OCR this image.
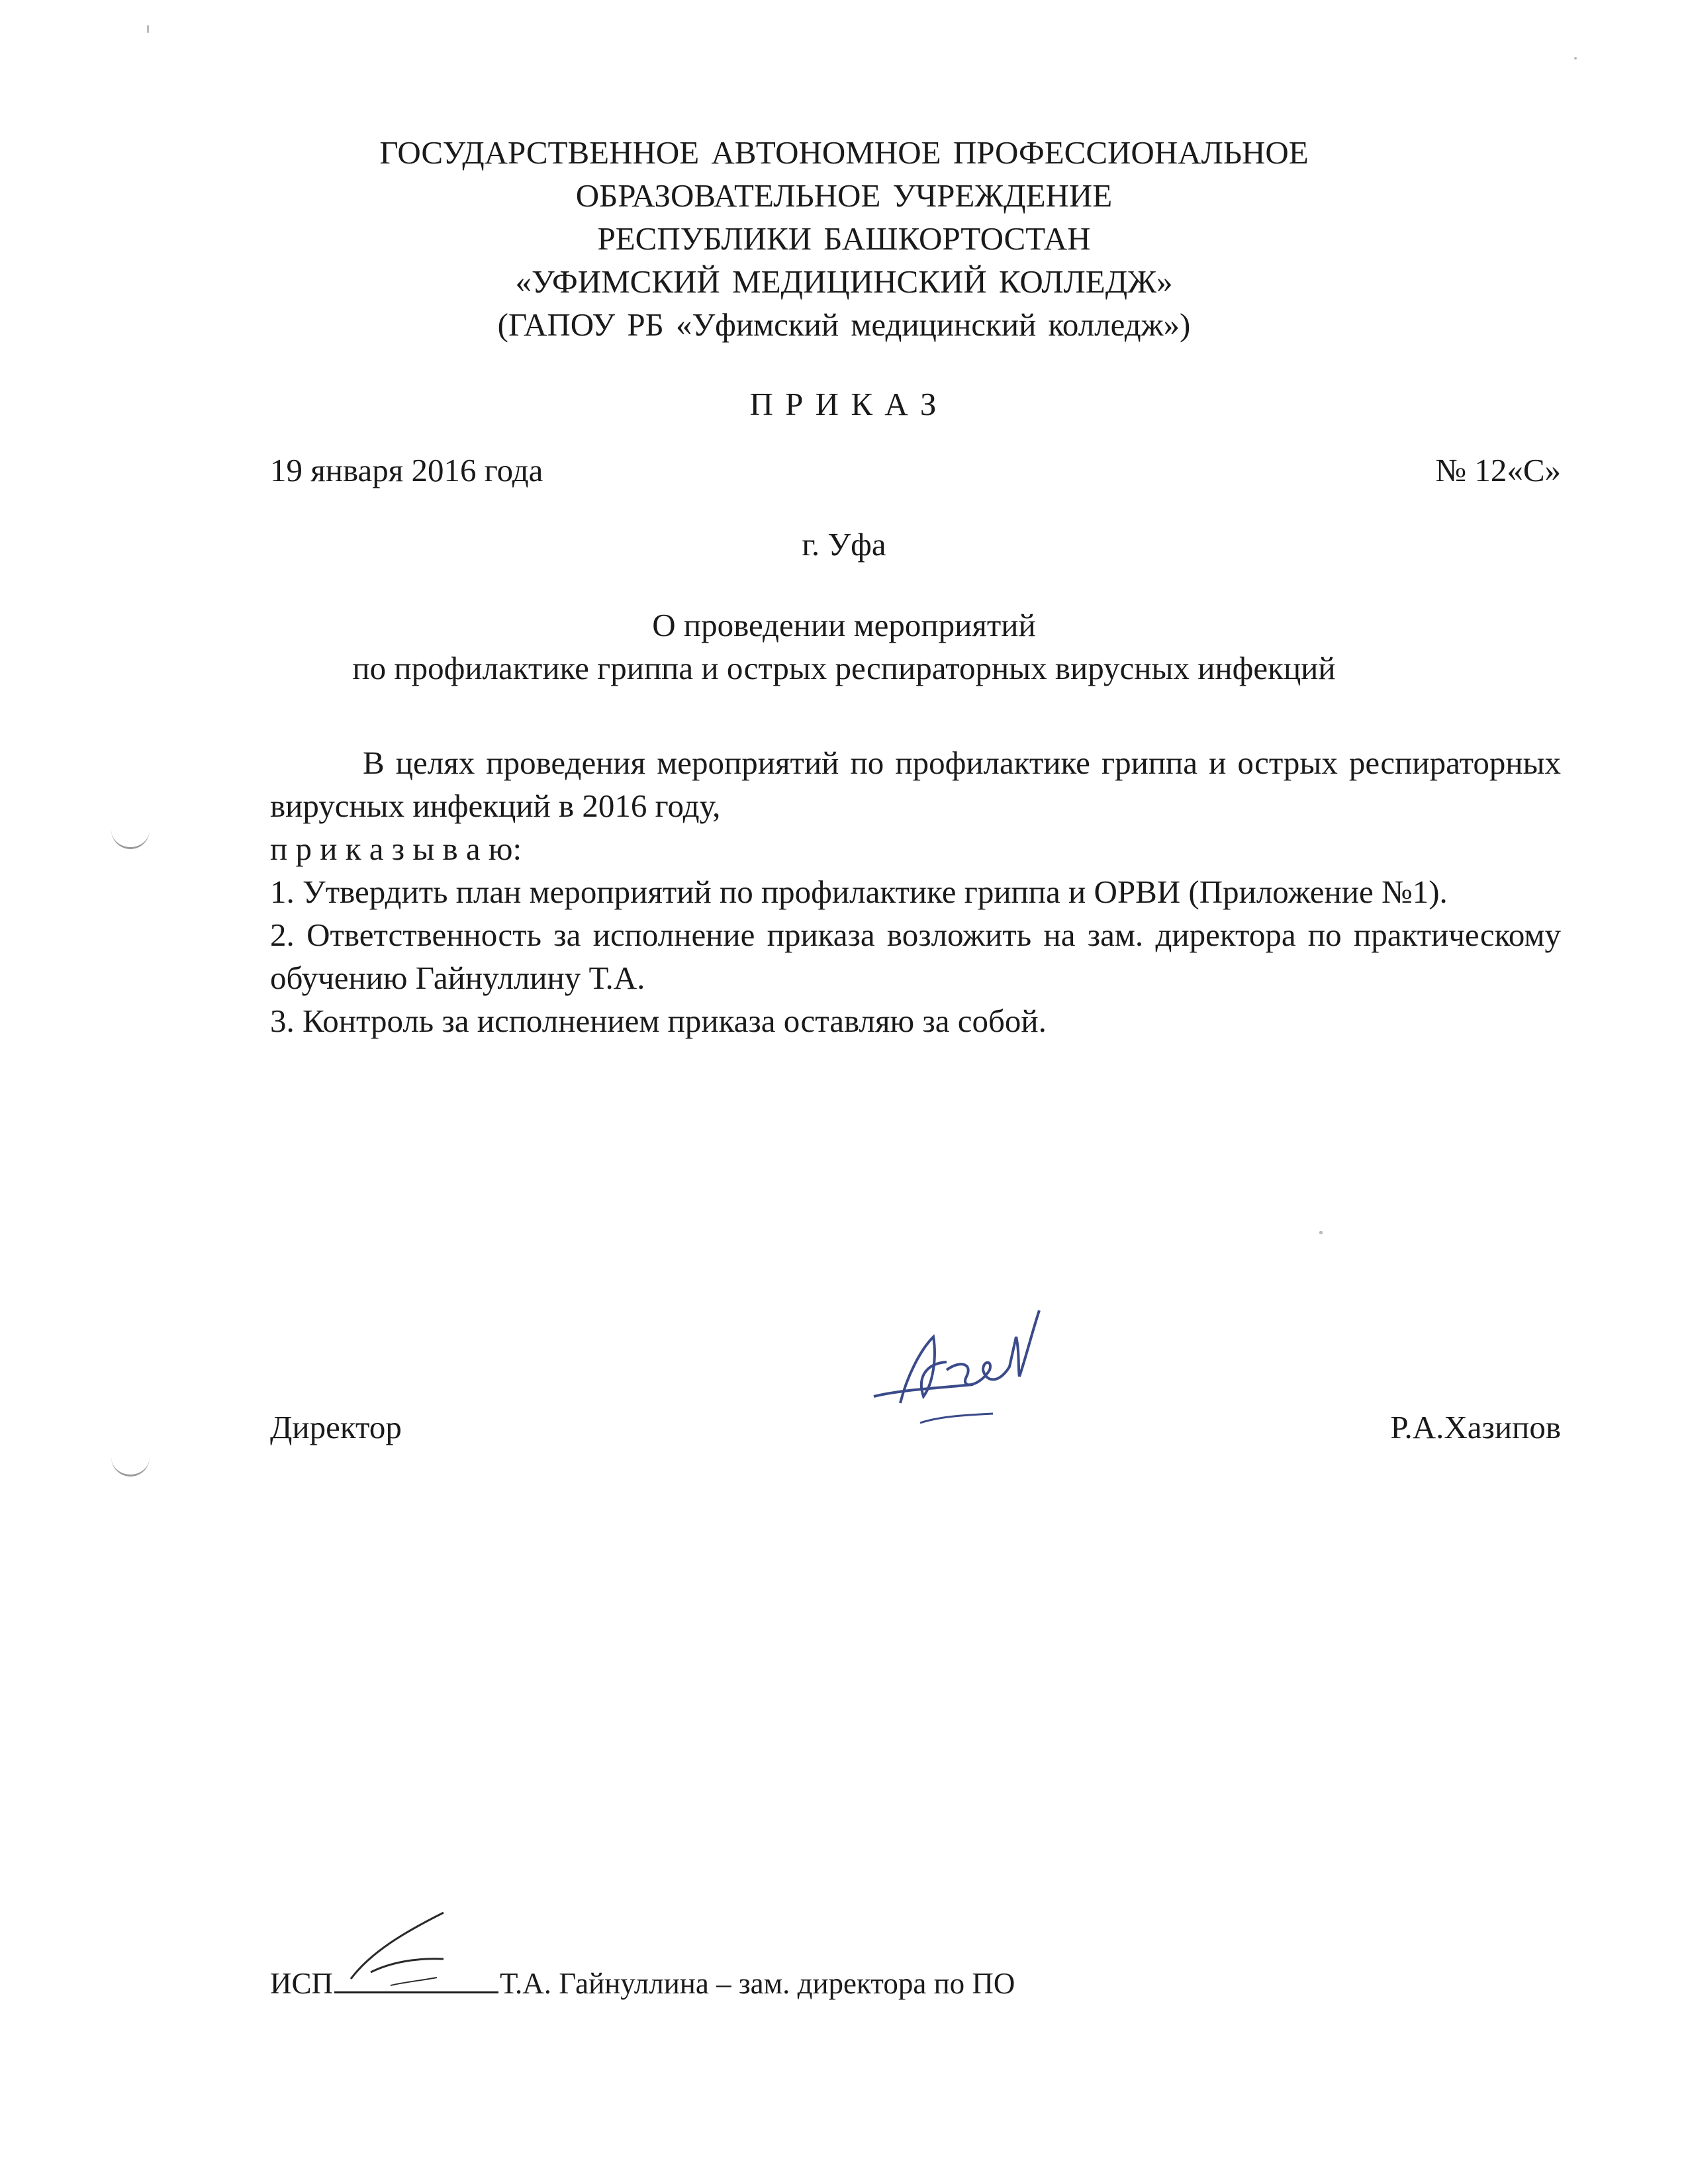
ГОСУДАРСТВЕННОЕ АВТОНОМНОЕ ПРОФЕССИОНАЛЬНОЕ
ОБРАЗОВАТЕЛЬНОЕ УЧРЕЖДЕНИЕ
РЕСПУБЛИКИ БАШКОРТОСТАН
«УФИМСКИЙ МЕДИЦИНСКИЙ КОЛЛЕДЖ»
(ГАПОУ РБ «Уфимский медицинский колледж»)
П Р И К А З
19 января 2016 года	№ 12«С»
г. Уфа
О проведении мероприятий
по профилактике гриппа и острых респираторных вирусных инфекций

В целях проведения мероприятий по профилактике гриппа и острых респираторных вирусных инфекций в 2016 году,

п р и к а з ы в а ю:

1. Утвердить план мероприятий по профилактике гриппа и ОРВИ (Приложение №1).

2. Ответственность за исполнение приказа возложить на зам. директора по практическому обучению Гайнуллину Т.А.

3. Контроль за исполнением приказа оставляю за собой.

Директор	Р.А.Хазипов
ИСП	Т.А. Гайнуллина – зам. директора по ПО
